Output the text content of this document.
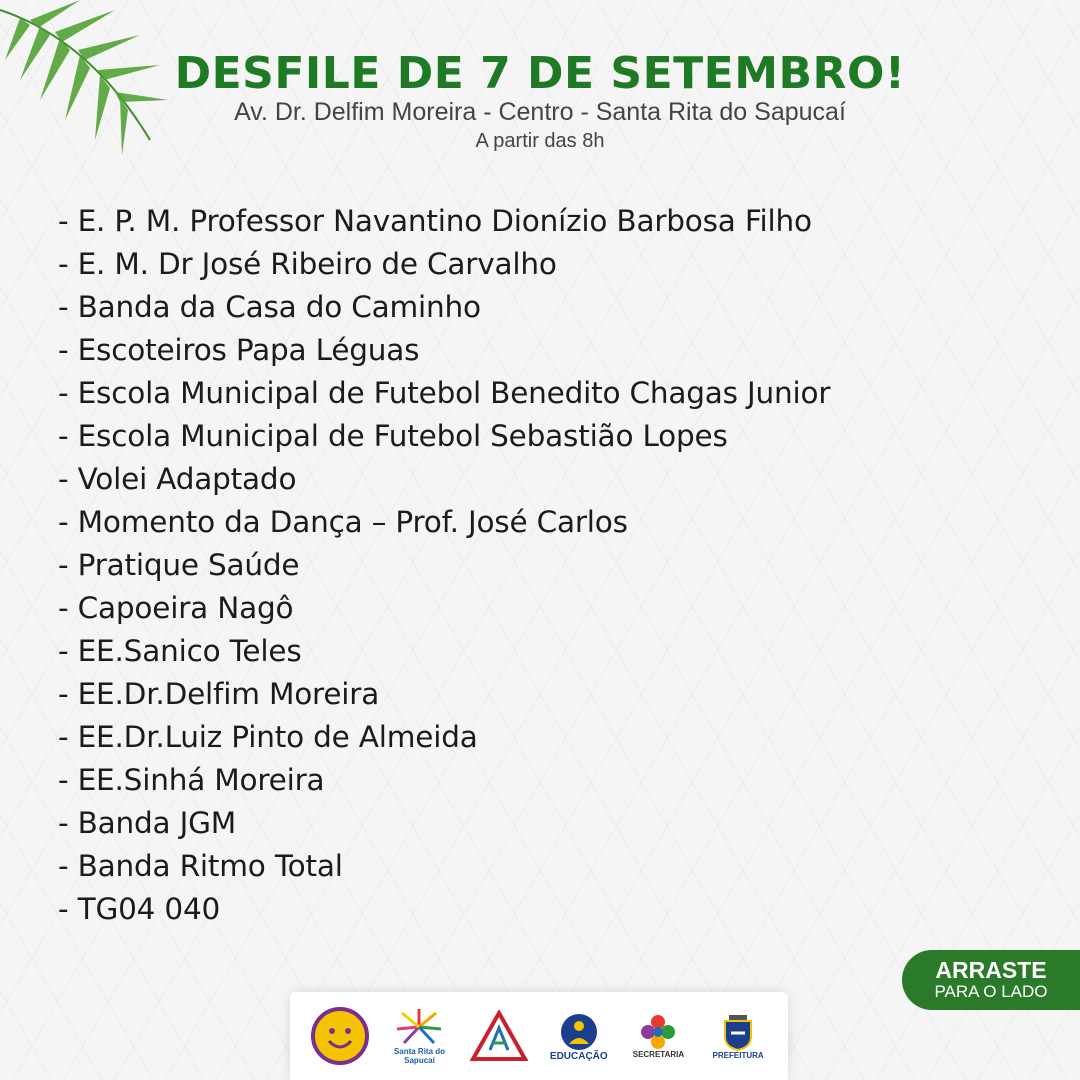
DESFILE DE 7 DE SETEMBRO!
Av. Dr. Delfim Moreira - Centro - Santa Rita do Sapucaí
A partir das 8h
- E. P. M. Professor Navantino Dionízio Barbosa Filho
- E. M. Dr José Ribeiro de Carvalho
- Banda da Casa do Caminho
- Escoteiros Papa Léguas
- Escola Municipal de Futebol Benedito Chagas Junior
- Escola Municipal de Futebol Sebastião Lopes
- Volei Adaptado
- Momento da Dança – Prof. José Carlos
- Pratique Saúde
- Capoeira Nagô
- EE.Sanico Teles
- EE.Dr.Delfim Moreira
- EE.Dr.Luiz Pinto de Almeida
- EE.Sinhá Moreira
- Banda JGM
- Banda Ritmo Total
- TG04 040
ARRASTE
PARA O LADO
Santa Rita do Sapucaí	EDUCAÇÃO	SECRETARIA	PREFEITURA
